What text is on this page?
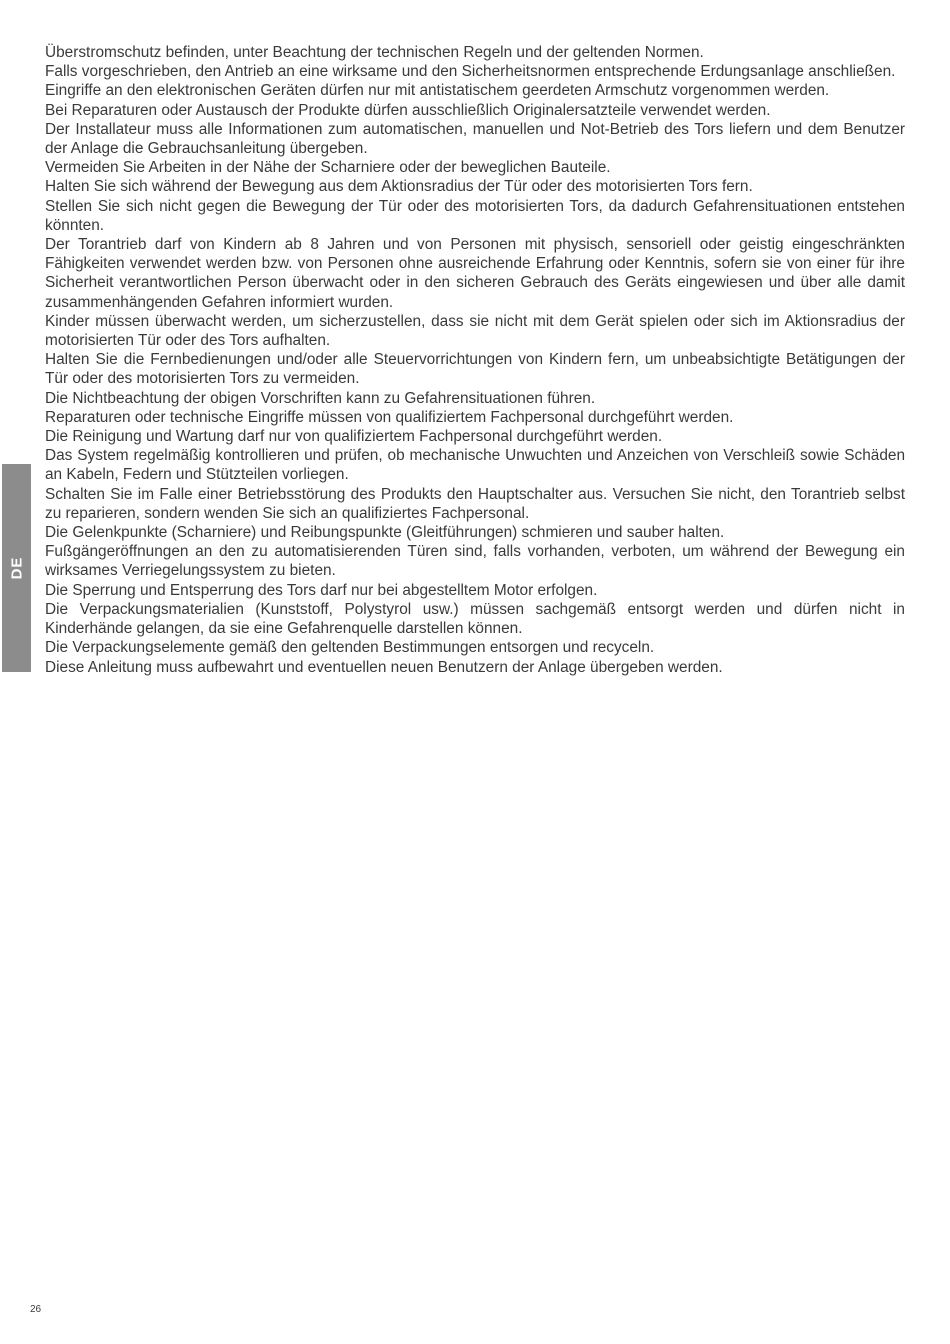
DE

Überstromschutz befinden, unter Beachtung der technischen Regeln und der geltenden Normen.

Falls vorgeschrieben, den Antrieb an eine wirksame und den Sicherheitsnormen entsprechende Erdungsanlage anschließen.

Eingriffe an den elektronischen Geräten dürfen nur mit antistatischem geerdeten Armschutz vorgenommen werden.

Bei Reparaturen oder Austausch der Produkte dürfen ausschließlich Originalersatzteile verwendet werden.

Der Installateur muss alle Informationen zum automatischen, manuellen und Not-Betrieb des Tors liefern und dem Benutzer der Anlage die Gebrauchsanleitung übergeben.

Vermeiden Sie Arbeiten in der Nähe der Scharniere oder der beweglichen Bauteile.

Halten Sie sich während der Bewegung aus dem Aktionsradius der Tür oder des motorisierten Tors fern.

Stellen Sie sich nicht gegen die Bewegung der Tür oder des motorisierten Tors, da dadurch Gefahrensituationen entstehen könnten.

Der Torantrieb darf von Kindern ab 8 Jahren und von Personen mit physisch, sensoriell oder geistig eingeschränkten Fähigkeiten verwendet werden bzw. von Personen ohne ausreichende Erfahrung oder Kenntnis, sofern sie von einer für ihre Sicherheit verantwortlichen Person überwacht oder in den sicheren Gebrauch des Geräts eingewiesen und über alle damit zusammenhängenden Gefahren informiert wurden.

Kinder müssen überwacht werden, um sicherzustellen, dass sie nicht mit dem Gerät spielen oder sich im Aktionsradius der motorisierten Tür oder des Tors aufhalten.

Halten Sie die Fernbedienungen und/oder alle Steuervorrichtungen von Kindern fern, um unbeabsichtigte Betätigungen der Tür oder des motorisierten Tors zu vermeiden.

Die Nichtbeachtung der obigen Vorschriften kann zu Gefahrensituationen führen.

Reparaturen oder technische Eingriffe müssen von qualifiziertem Fachpersonal durchgeführt werden.

Die Reinigung und Wartung darf nur von qualifiziertem Fachpersonal durchgeführt werden.

Das System regelmäßig kontrollieren und prüfen, ob mechanische Unwuchten und Anzeichen von Verschleiß sowie Schäden an Kabeln, Federn und Stützteilen vorliegen.

Schalten Sie im Falle einer Betriebsstörung des Produkts den Hauptschalter aus. Versuchen Sie nicht, den Torantrieb selbst zu reparieren, sondern wenden Sie sich an qualifiziertes Fachpersonal.

Die Gelenkpunkte (Scharniere) und Reibungspunkte (Gleitführungen) schmieren und sauber halten.

Fußgängeröffnungen an den zu automatisierenden Türen sind, falls vorhanden, verboten, um während der Bewegung ein wirksames Verriegelungssystem zu bieten.

Die Sperrung und Entsperrung des Tors darf nur bei abgestelltem Motor erfolgen.

Die Verpackungsmaterialien (Kunststoff, Polystyrol usw.) müssen sachgemäß entsorgt werden und dürfen nicht in Kinderhände gelangen, da sie eine Gefahrenquelle darstellen können.

Die Verpackungselemente gemäß den geltenden Bestimmungen entsorgen und recyceln.

Diese Anleitung muss aufbewahrt und eventuellen neuen Benutzern der Anlage übergeben werden.

26
